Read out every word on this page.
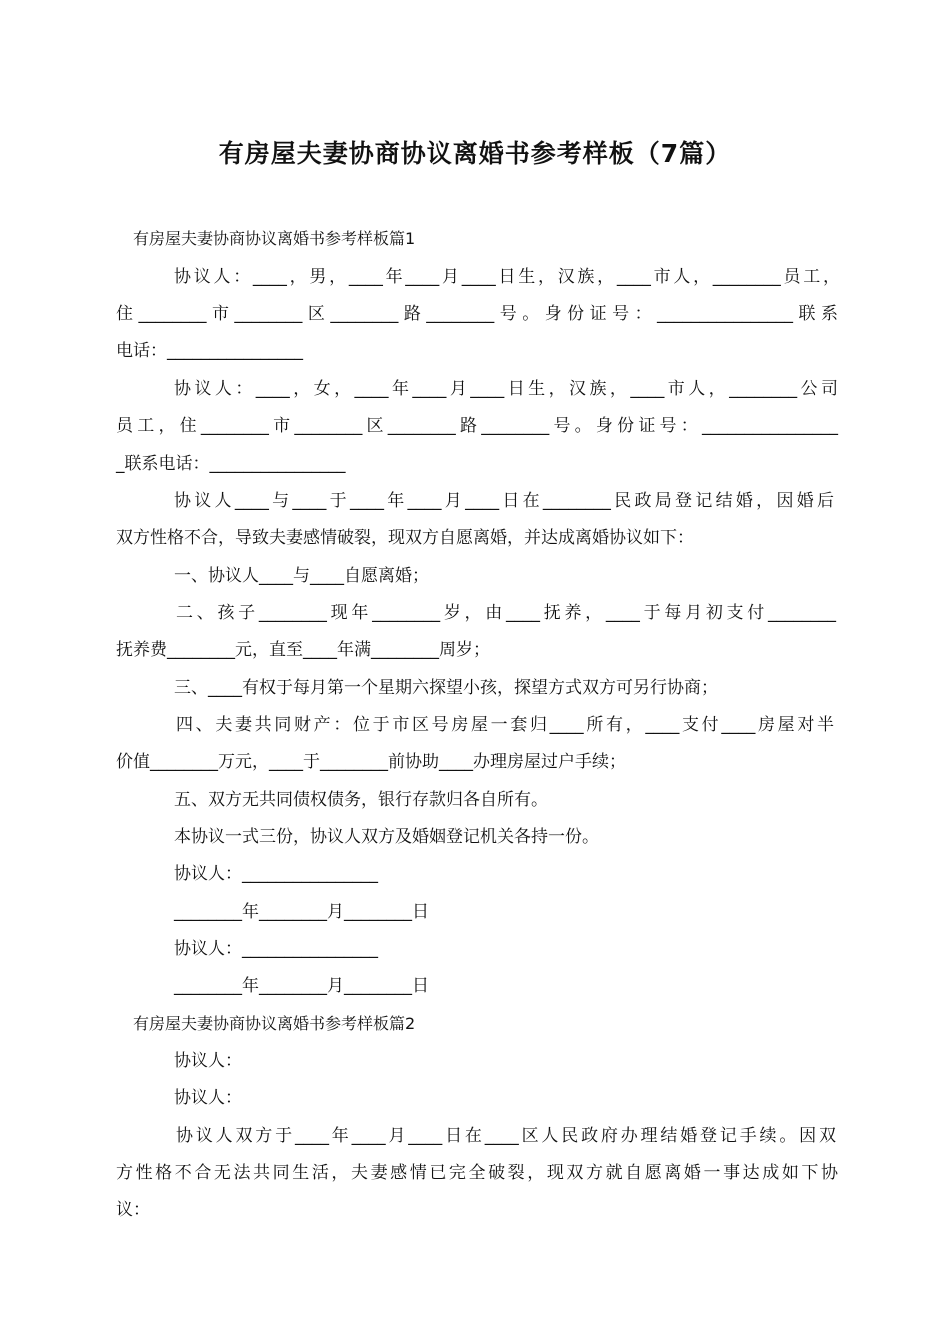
有房屋夫妻协商协议离婚书参考样板（7篇）
有房屋夫妻协商协议离婚书参考样板篇1
协议人：____，男，____年____月____日生，汉族，____市人，________员工，
住________市________区________路________号。身份证号：________________联系
电话：________________
协议人：____，女，____年____月____日生，汉族，____市人，________公司
员工，住________市________区________路________号。身份证号：________________
_联系电话：________________
协议人____与____于____年____月____日在________民政局登记结婚，因婚后
双方性格不合，导致夫妻感情破裂，现双方自愿离婚，并达成离婚协议如下：
一、协议人____与____自愿离婚；
二、孩子________现年________岁，由____抚养，____于每月初支付________
抚养费________元，直至____年满________周岁；
三、____有权于每月第一个星期六探望小孩，探望方式双方可另行协商；
四、夫妻共同财产：位于市区号房屋一套归____所有，____支付____房屋对半
价值________万元，____于________前协助____办理房屋过户手续；
五、双方无共同债权债务，银行存款归各自所有。
本协议一式三份，协议人双方及婚姻登记机关各持一份。
协议人：________________
________年________月________日
协议人：________________
________年________月________日
有房屋夫妻协商协议离婚书参考样板篇2
协议人：
协议人：
协议人双方于____年____月____日在____区人民政府办理结婚登记手续。因双
方性格不合无法共同生活，夫妻感情已完全破裂，现双方就自愿离婚一事达成如下协
议：
